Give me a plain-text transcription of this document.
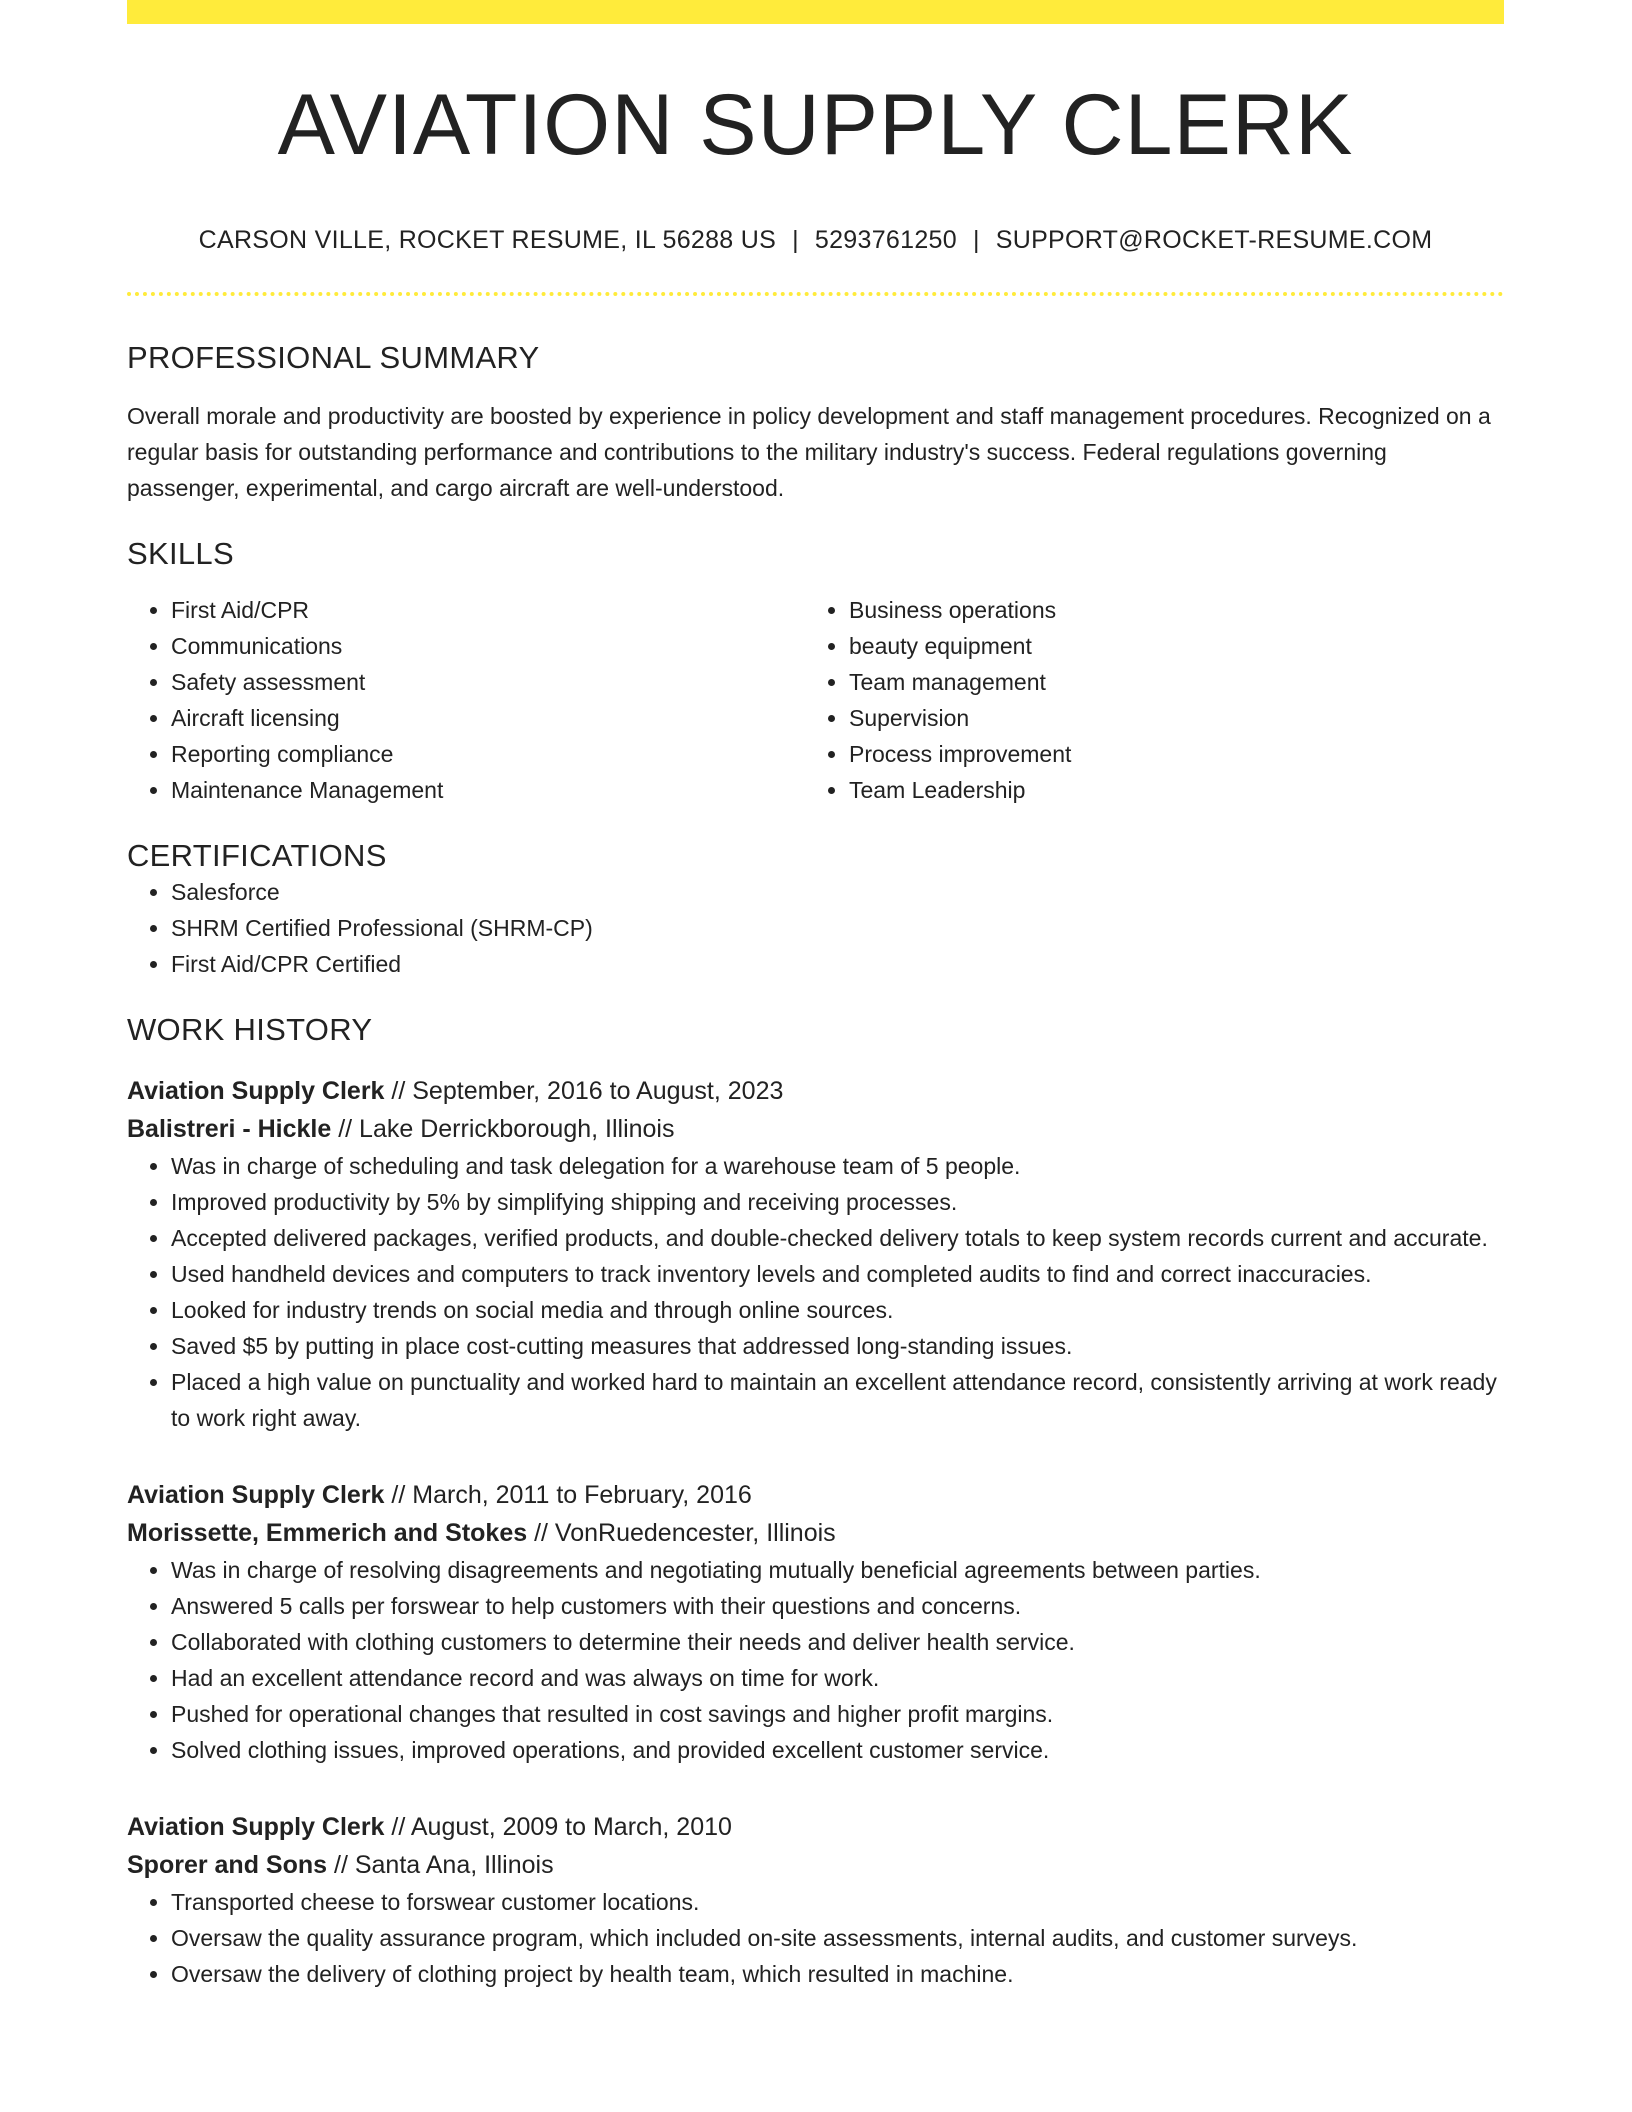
AVIATION SUPPLY CLERK
CARSON VILLE, ROCKET RESUME, IL 56288 US | 5293761250 | SUPPORT@ROCKET-RESUME.COM
PROFESSIONAL SUMMARY
Overall morale and productivity are boosted by experience in policy development and staff management procedures. Recognized on a regular basis for outstanding performance and contributions to the military industry's success. Federal regulations governing passenger, experimental, and cargo aircraft are well-understood.
SKILLS
• First Aid/CPR
• Communications
• Safety assessment
• Aircraft licensing
• Reporting compliance
• Maintenance Management
• Business operations
• beauty equipment
• Team management
• Supervision
• Process improvement
• Team Leadership
CERTIFICATIONS
• Salesforce
• SHRM Certified Professional (SHRM-CP)
• First Aid/CPR Certified
WORK HISTORY
Aviation Supply Clerk // September, 2016 to August, 2023
Balistreri - Hickle // Lake Derrickborough, Illinois
• Was in charge of scheduling and task delegation for a warehouse team of 5 people.
• Improved productivity by 5% by simplifying shipping and receiving processes.
• Accepted delivered packages, verified products, and double-checked delivery totals to keep system records current and accurate.
• Used handheld devices and computers to track inventory levels and completed audits to find and correct inaccuracies.
• Looked for industry trends on social media and through online sources.
• Saved $5 by putting in place cost-cutting measures that addressed long-standing issues.
• Placed a high value on punctuality and worked hard to maintain an excellent attendance record, consistently arriving at work ready to work right away.
Aviation Supply Clerk // March, 2011 to February, 2016
Morissette, Emmerich and Stokes // VonRuedencester, Illinois
• Was in charge of resolving disagreements and negotiating mutually beneficial agreements between parties.
• Answered 5 calls per forswear to help customers with their questions and concerns.
• Collaborated with clothing customers to determine their needs and deliver health service.
• Had an excellent attendance record and was always on time for work.
• Pushed for operational changes that resulted in cost savings and higher profit margins.
• Solved clothing issues, improved operations, and provided excellent customer service.
Aviation Supply Clerk // August, 2009 to March, 2010
Sporer and Sons // Santa Ana, Illinois
• Transported cheese to forswear customer locations.
• Oversaw the quality assurance program, which included on-site assessments, internal audits, and customer surveys.
• Oversaw the delivery of clothing project by health team, which resulted in machine.
